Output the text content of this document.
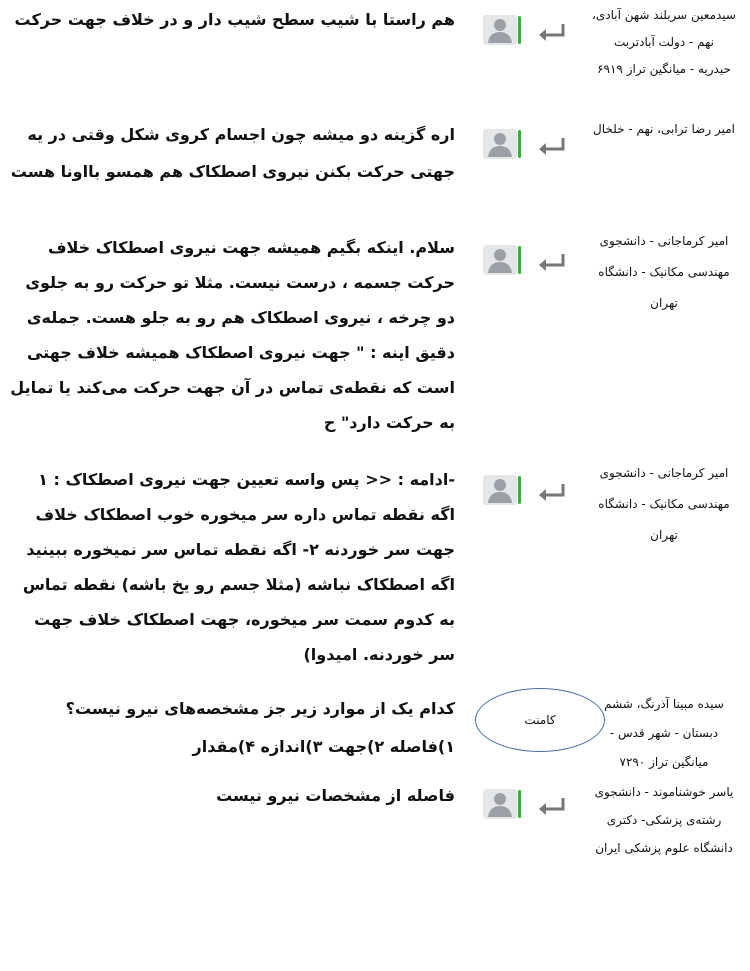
سیدمعین سربلند شهن آبادی،
نهم - دولت آبادتربت
حیدریه - میانگین تراز ۶۹۱۹
هم راستا با شیب سطح شیب دار و در خلاف جهت حرکت
امیر رضا ترابی، نهم - خلخال
اره گزینه دو میشه چون اجسام کروی شکل وقتی در یه جهتی حرکت بکنن نیروی اصطکاک هم همسو بااونا هست
امیر کرماجانی - دانشجوی
مهندسی مکانیک - دانشگاه
تهران
سلام. اینکه بگیم همیشه جهت نیروی اصطکاک خلاف حرکت جسمه ، درست نیست. مثلا تو حرکت رو به جلوی دو چرخه ، نیروی اصطکاک هم رو به جلو هست. جمله‌ی دقیق اینه : " جهت نیروی اصطکاک همیشه خلاف جهتی است که نقطه‌ی تماس در آن جهت حرکت می‌کند یا تمایل به حرکت دارد" ح
امیر کرماجانی - دانشجوی
مهندسی مکانیک - دانشگاه
تهران
-ادامه : << پس واسه تعیین جهت نیروی اصطکاک : ۱ اگه نقطه تماس داره سر میخوره خوب اصطکاک خلاف جهت سر خوردنه ۲- اگه نقطه تماس سر نمیخوره ببینید اگه اصطکاک نباشه (مثلا جسم رو یخ باشه) نقطه تماس به کدوم سمت سر میخوره، جهت اصطکاک خلاف جهت سر خوردنه. امیدوا)
سیده مبینا آذرنگ، ششم
دبستان - شهر قدس -
میانگین تراز ۷۲۹۰
کامنت
کدام یک از موارد زیر جز مشخصه‌های نیرو نیست؟ ۱)فاصله ۲)جهت ۳)اندازه ۴)مقدار
یاسر خوشناموند - دانشجوی
رشته‌ی پزشکی- دکتری
دانشگاه علوم پزشکی ایران
فاصله از مشخصات نیرو نیست
